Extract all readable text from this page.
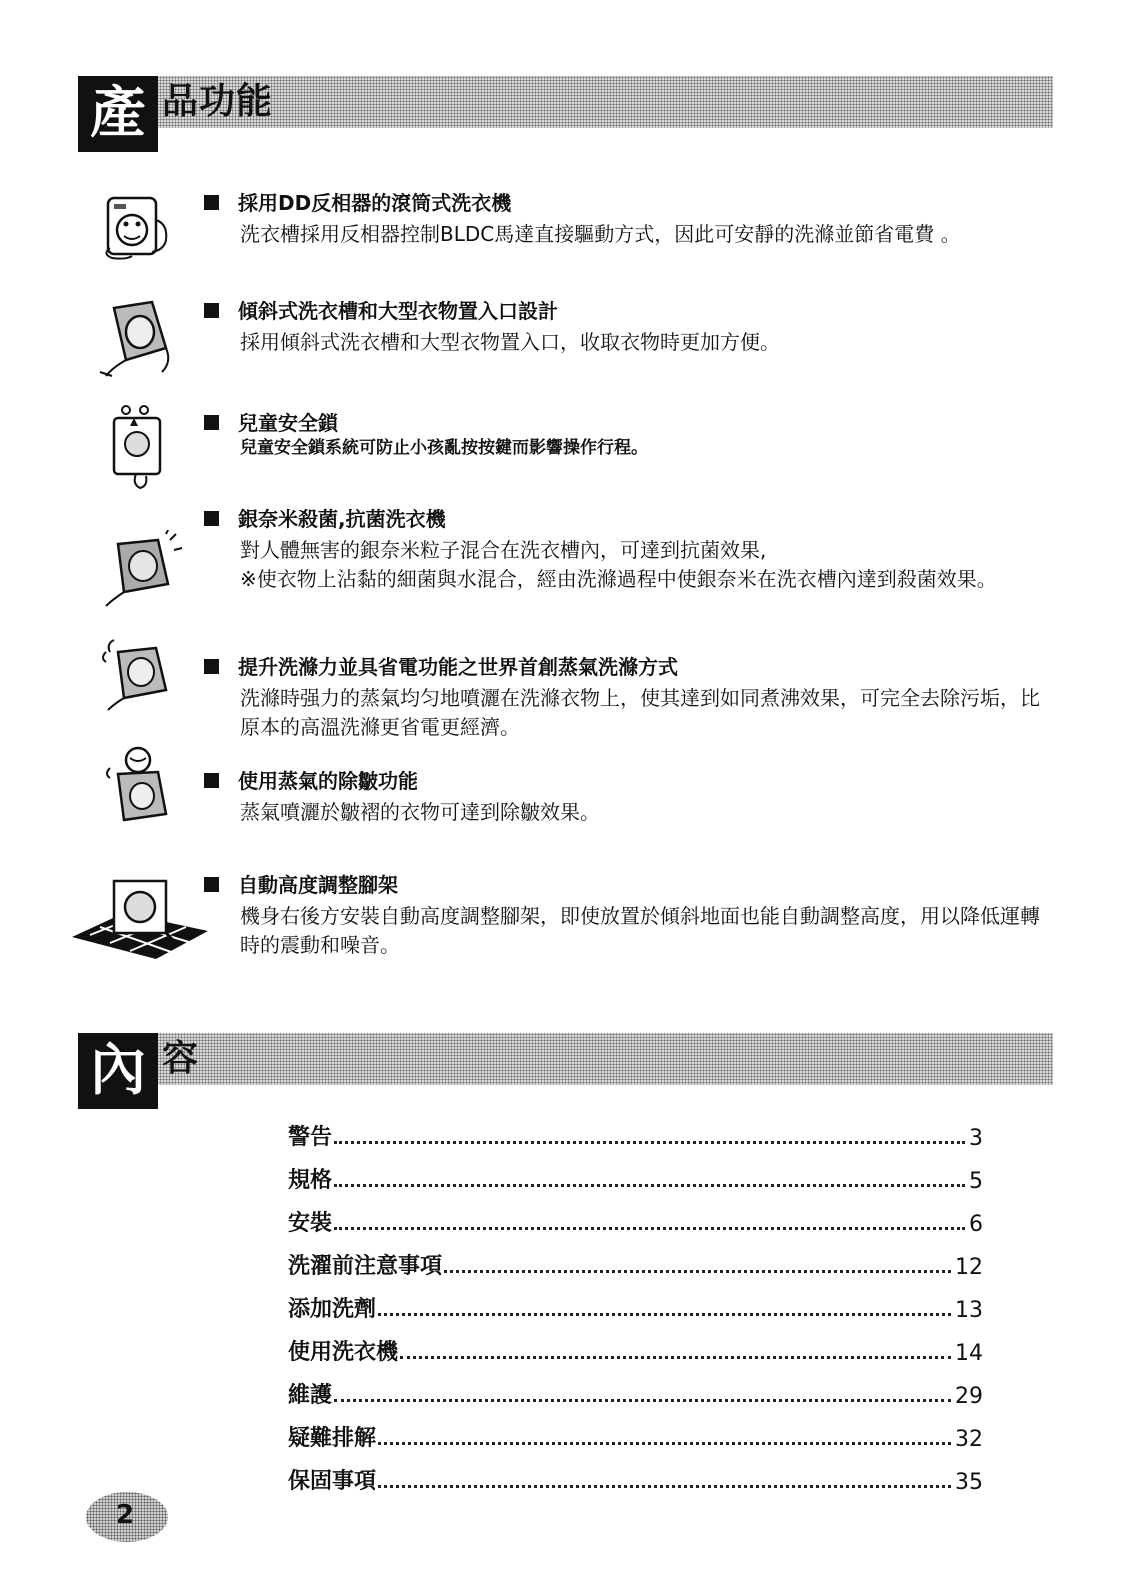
產 品功能
採用DD反相器的滾筒式洗衣機
洗衣槽採用反相器控制BLDC馬達直接驅動方式，因此可安靜的洗滌並節省電費 。
傾斜式洗衣槽和大型衣物置入口設計
採用傾斜式洗衣槽和大型衣物置入口，收取衣物時更加方便。
兒童安全鎖
兒童安全鎖系統可防止小孩亂按按鍵而影響操作行程。
銀奈米殺菌,抗菌洗衣機
對人體無害的銀奈米粒子混合在洗衣槽內，可達到抗菌效果,
※使衣物上沾黏的細菌與水混合，經由洗滌過程中使銀奈米在洗衣槽內達到殺菌效果。
提升洗滌力並具省電功能之世界首創蒸氣洗滌方式
洗滌時强力的蒸氣均匀地噴灑在洗滌衣物上，使其達到如同煮沸效果，可完全去除污垢，比原本的高溫洗滌更省電更經濟。
使用蒸氣的除皺功能
蒸氣噴灑於皺褶的衣物可達到除皺效果。
自動高度調整腳架
機身右後方安裝自動高度調整腳架，即使放置於傾斜地面也能自動調整高度，用以降低運轉時的震動和噪音。
內 容
警告	3
規格	5
安裝	6
洗濯前注意事項	12
添加洗劑	13
使用洗衣機	14
維護	29
疑難排解	32
保固事項	35
2
